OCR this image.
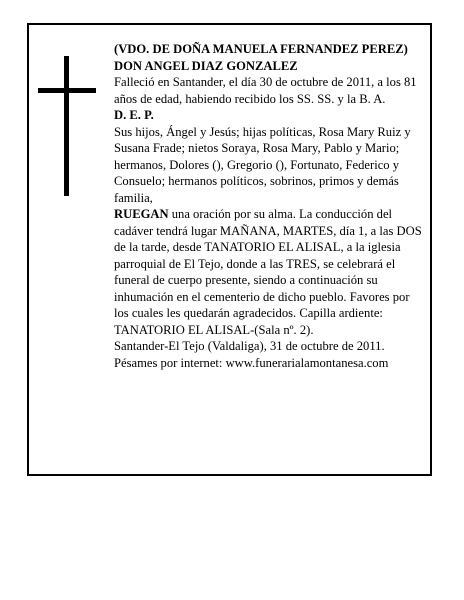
(VDO. DE DOÑA MANUELA FERNANDEZ PEREZ)

DON ANGEL DIAZ GONZALEZ

Falleció en Santander, el día 30 de octubre de 2011, a los 81 años de edad, habiendo recibido los SS. SS. y la B. A.

D. E. P.

Sus hijos, Ángel y Jesús; hijas políticas, Rosa Mary Ruiz y Susana Frade; nietos Soraya, Rosa Mary, Pablo y Mario; hermanos, Dolores (), Gregorio (), Fortunato, Federico y Consuelo; hermanos políticos, sobrinos, primos y demás familia,

RUEGAN una oración por su alma. La conducción del cadáver tendrá lugar MAÑANA, MARTES, día 1, a las DOS de la tarde, desde TANATORIO EL ALISAL, a la iglesia parroquial de El Tejo, donde a las TRES, se celebrará el funeral de cuerpo presente, siendo a continuación su inhumación en el cementerio de dicho pueblo. Favores por los cuales les quedarán agradecidos. Capilla ardiente: TANATORIO EL ALISAL-(Sala nº. 2).

Santander-El Tejo (Valdaliga), 31 de octubre de 2011.

Pésames por internet: www.funerarialamontanesa.com
